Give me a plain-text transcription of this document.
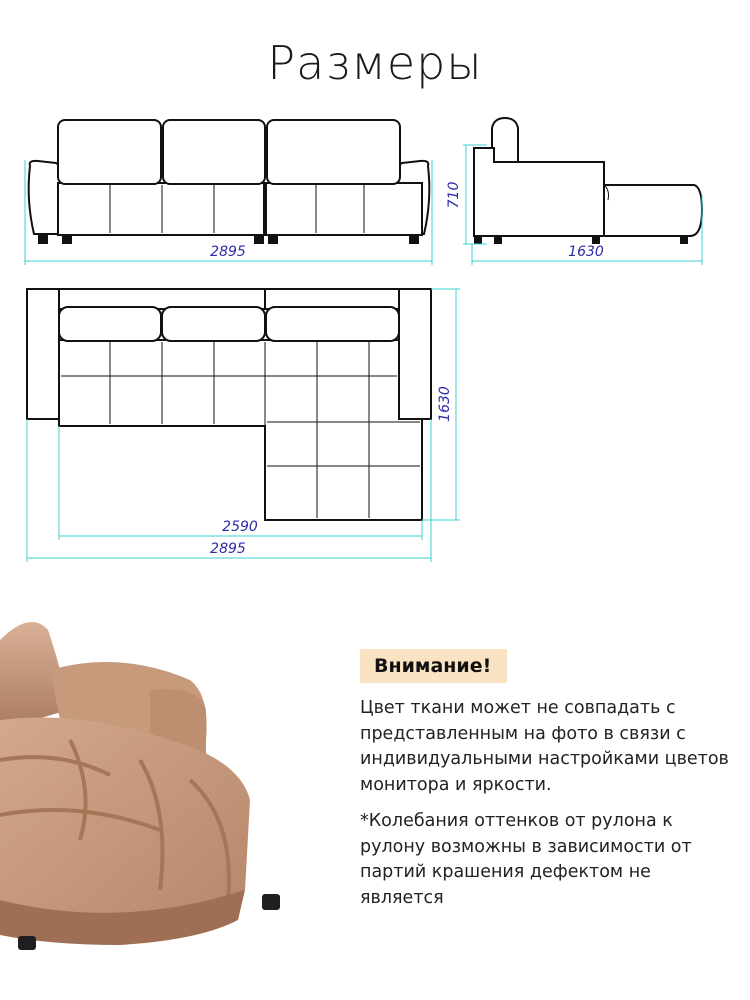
Размеры
2895
710
1630
1630
2590
2895
Внимание!

Цвет ткани может не совпадать с представленным на фото в связи с индивидуальными настройками цветов монитора и яркости.

*Колебания оттенков от рулона к рулону возможны в зависимости от партий крашения дефектом не является
